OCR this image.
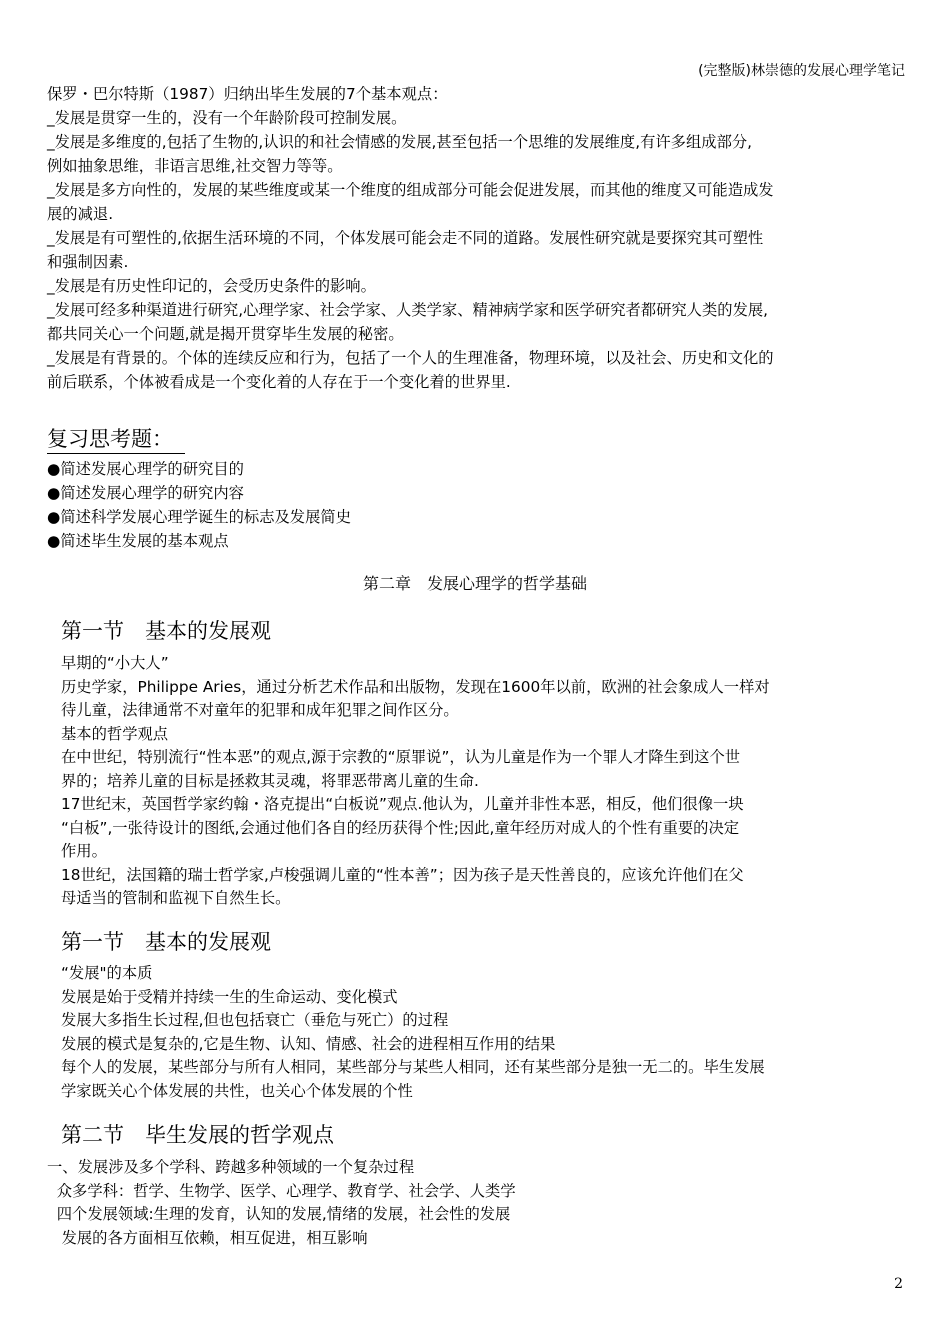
(完整版)林崇德的发展心理学笔记
保罗・巴尔特斯（1987）归纳出毕生发展的7个基本观点：
_发展是贯穿一生的，没有一个年龄阶段可控制发展。
_发展是多维度的,包括了生物的,认识的和社会情感的发展,甚至包括一个思维的发展维度,有许多组成部分,
例如抽象思维，非语言思维,社交智力等等。
_发展是多方向性的，发展的某些维度或某一个维度的组成部分可能会促进发展，而其他的维度又可能造成发
展的减退.
_发展是有可塑性的,依据生活环境的不同，个体发展可能会走不同的道路。发展性研究就是要探究其可塑性
和强制因素.
_发展是有历史性印记的，会受历史条件的影响。
_发展可经多种渠道进行研究,心理学家、社会学家、人类学家、精神病学家和医学研究者都研究人类的发展,
都共同关心一个问题,就是揭开贯穿毕生发展的秘密。
_发展是有背景的。个体的连续反应和行为，包括了一个人的生理准备，物理环境，以及社会、历史和文化的
前后联系，个体被看成是一个变化着的人存在于一个变化着的世界里.
复习思考题：
●简述发展心理学的研究目的
●简述发展心理学的研究内容
●简述科学发展心理学诞生的标志及发展简史
●简述毕生发展的基本观点
第二章　发展心理学的哲学基础
第一节　基本的发展观
早期的“小大人”
历史学家，Philippe Aries，通过分析艺术作品和出版物，发现在1600年以前，欧洲的社会象成人一样对
待儿童，法律通常不对童年的犯罪和成年犯罪之间作区分。
基本的哲学观点
在中世纪，特别流行“性本恶”的观点,源于宗教的“原罪说”，认为儿童是作为一个罪人才降生到这个世
界的；培养儿童的目标是拯救其灵魂，将罪恶带离儿童的生命.
17世纪末，英国哲学家约翰・洛克提出“白板说”观点.他认为，儿童并非性本恶，相反，他们很像一块
“白板”,一张待设计的图纸,会通过他们各自的经历获得个性;因此,童年经历对成人的个性有重要的决定
作用。
18世纪，法国籍的瑞士哲学家,卢梭强调儿童的“性本善”；因为孩子是天性善良的，应该允许他们在父
母适当的管制和监视下自然生长。
第一节　基本的发展观
“发展"的本质
发展是始于受精并持续一生的生命运动、变化模式
发展大多指生长过程,但也包括衰亡（垂危与死亡）的过程
发展的模式是复杂的,它是生物、认知、情感、社会的进程相互作用的结果
每个人的发展，某些部分与所有人相同，某些部分与某些人相同，还有某些部分是独一无二的。毕生发展
学家既关心个体发展的共性，也关心个体发展的个性
第二节　毕生发展的哲学观点
一、发展涉及多个学科、跨越多种领域的一个复杂过程
众多学科：哲学、生物学、医学、心理学、教育学、社会学、人类学
四个发展领域:生理的发育，认知的发展,情绪的发展，社会性的发展
发展的各方面相互依赖，相互促进，相互影响
2
